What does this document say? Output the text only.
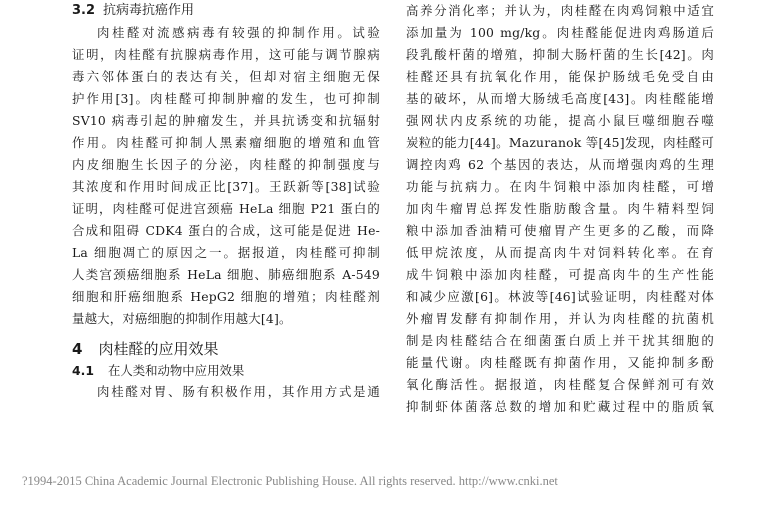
3.2 抗病毒抗癌作用
肉桂醛对流感病毒有较强的抑制作用。试验
证明，肉桂醛有抗腺病毒作用，这可能与调节腺病
毒六邻体蛋白的表达有关，但却对宿主细胞无保
护作用[3]。肉桂醛可抑制肿瘤的发生，也可抑制
SV10 病毒引起的肿瘤发生，并具抗诱变和抗辐射
作用。肉桂醛可抑制人黑素瘤细胞的增殖和血管
内皮细胞生长因子的分泌，肉桂醛的抑制强度与
其浓度和作用时间成正比[37]。王跃新等[38]试验
证明，肉桂醛可促进宫颈癌 HeLa 细胞 P21 蛋白的
合成和阻碍 CDK4 蛋白的合成，这可能是促进 He-
La 细胞凋亡的原因之一。据报道，肉桂醛可抑制
人类宫颈癌细胞系 HeLa 细胞、肺癌细胞系 A-549
细胞和肝癌细胞系 HepG2 细胞的增殖；肉桂醛剂
量越大，对癌细胞的抑制作用越大[4]。
4 肉桂醛的应用效果
4.1 在人类和动物中应用效果
肉桂醛对胃、肠有积极作用，其作用方式是通
高养分消化率；并认为，肉桂醛在肉鸡饲粮中适宜
添加量为 100 mg/kg。肉桂醛能促进肉鸡肠道后
段乳酸杆菌的增殖，抑制大肠杆菌的生长[42]。肉
桂醛还具有抗氧化作用，能保护肠绒毛免受自由
基的破坏，从而增大肠绒毛高度[43]。肉桂醛能增
强网状内皮系统的功能，提高小鼠巨噬细胞吞噬
炭粒的能力[44]。Mazuranok 等[45]发现，肉桂醛可
调控肉鸡 62 个基因的表达，从而增强肉鸡的生理
功能与抗病力。在肉牛饲粮中添加肉桂醛，可增
加肉牛瘤胃总挥发性脂肪酸含量。肉牛精料型饲
粮中添加香油精可使瘤胃产生更多的乙酸，而降
低甲烷浓度，从而提高肉牛对饲料转化率。在育
成牛饲粮中添加肉桂醛，可提高肉牛的生产性能
和减少应激[6]。林波等[46]试验证明，肉桂醛对体
外瘤胃发酵有抑制作用，并认为肉桂醛的抗菌机
制是肉桂醛结合在细菌蛋白质上并干扰其细胞的
能量代谢。肉桂醛既有抑菌作用，又能抑制多酚
氧化酶活性。据报道，肉桂醛复合保鲜剂可有效
抑制虾体菌落总数的增加和贮藏过程中的脂质氧
?1994-2015 China Academic Journal Electronic Publishing House. All rights reserved. http://www.cnki.net
